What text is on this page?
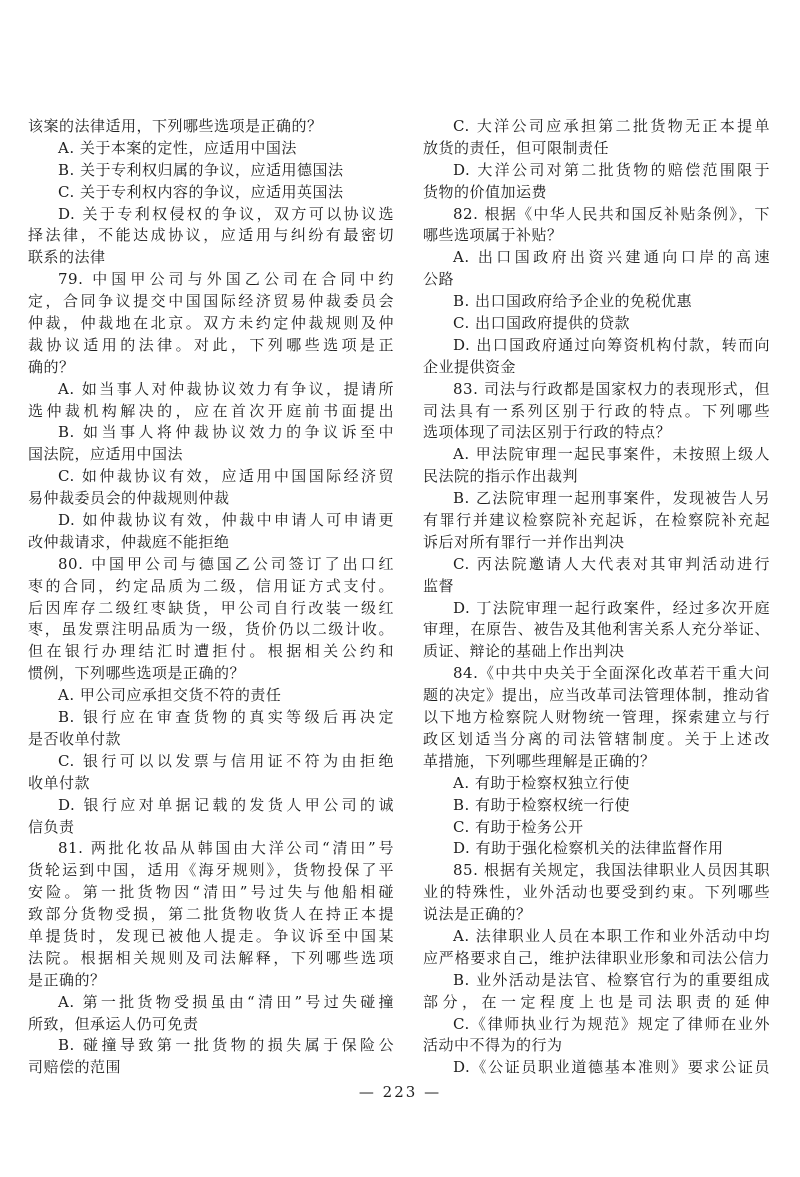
该案的法律适用，下列哪些选项是正确的？
A. 关于本案的定性，应适用中国法
B. 关于专利权归属的争议，应适用德国法
C. 关于专利权内容的争议，应适用英国法
D. 关于专利权侵权的争议，双方可以协议选
择法律，不能达成协议，应适用与纠纷有最密切
联系的法律
79. 中国甲公司与外国乙公司在合同中约
定，合同争议提交中国国际经济贸易仲裁委员会
仲裁，仲裁地在北京。双方未约定仲裁规则及仲
裁协议适用的法律。对此，下列哪些选项是正
确的？
A. 如当事人对仲裁协议效力有争议，提请所
选仲裁机构解决的，应在首次开庭前书面提出
B. 如当事人将仲裁协议效力的争议诉至中
国法院，应适用中国法
C. 如仲裁协议有效，应适用中国国际经济贸
易仲裁委员会的仲裁规则仲裁
D. 如仲裁协议有效，仲裁中申请人可申请更
改仲裁请求，仲裁庭不能拒绝
80. 中国甲公司与德国乙公司签订了出口红
枣的合同，约定品质为二级，信用证方式支付。
后因库存二级红枣缺货，甲公司自行改装一级红
枣，虽发票注明品质为一级，货价仍以二级计收。
但在银行办理结汇时遭拒付。根据相关公约和
惯例，下列哪些选项是正确的？
A. 甲公司应承担交货不符的责任
B. 银行应在审查货物的真实等级后再决定
是否收单付款
C. 银行可以以发票与信用证不符为由拒绝
收单付款
D. 银行应对单据记载的发货人甲公司的诚
信负责
81. 两批化妆品从韩国由大洋公司“清田”号
货轮运到中国，适用《海牙规则》，货物投保了平
安险。第一批货物因“清田”号过失与他船相碰
致部分货物受损，第二批货物收货人在持正本提
单提货时，发现已被他人提走。争议诉至中国某
法院。根据相关规则及司法解释，下列哪些选项
是正确的？
A. 第一批货物受损虽由“清田”号过失碰撞
所致，但承运人仍可免责
B. 碰撞导致第一批货物的损失属于保险公
司赔偿的范围
C. 大洋公司应承担第二批货物无正本提单
放货的责任，但可限制责任
D. 大洋公司对第二批货物的赔偿范围限于
货物的价值加运费
82. 根据《中华人民共和国反补贴条例》，下
哪些选项属于补贴？
A. 出口国政府出资兴建通向口岸的高速
公路
B. 出口国政府给予企业的免税优惠
C. 出口国政府提供的贷款
D. 出口国政府通过向筹资机构付款，转而向
企业提供资金
83. 司法与行政都是国家权力的表现形式，但
司法具有一系列区别于行政的特点。下列哪些
选项体现了司法区别于行政的特点？
A. 甲法院审理一起民事案件，未按照上级人
民法院的指示作出裁判
B. 乙法院审理一起刑事案件，发现被告人另
有罪行并建议检察院补充起诉，在检察院补充起
诉后对所有罪行一并作出判决
C. 丙法院邀请人大代表对其审判活动进行
监督
D. 丁法院审理一起行政案件，经过多次开庭
审理，在原告、被告及其他利害关系人充分举证、
质证、辩论的基础上作出判决
84.《中共中央关于全面深化改革若干重大问
题的决定》提出，应当改革司法管理体制，推动省
以下地方检察院人财物统一管理，探索建立与行
政区划适当分离的司法管辖制度。关于上述改
革措施，下列哪些理解是正确的？
A. 有助于检察权独立行使
B. 有助于检察权统一行使
C. 有助于检务公开
D. 有助于强化检察机关的法律监督作用
85. 根据有关规定，我国法律职业人员因其职
业的特殊性，业外活动也要受到约束。下列哪些
说法是正确的？
A. 法律职业人员在本职工作和业外活动中均
应严格要求自己，维护法律职业形象和司法公信力
B. 业外活动是法官、检察官行为的重要组成
部分，在一定程度上也是司法职责的延伸
C.《律师执业行为规范》规定了律师在业外
活动中不得为的行为
D.《公证员职业道德基本准则》要求公证员
— 223 —
